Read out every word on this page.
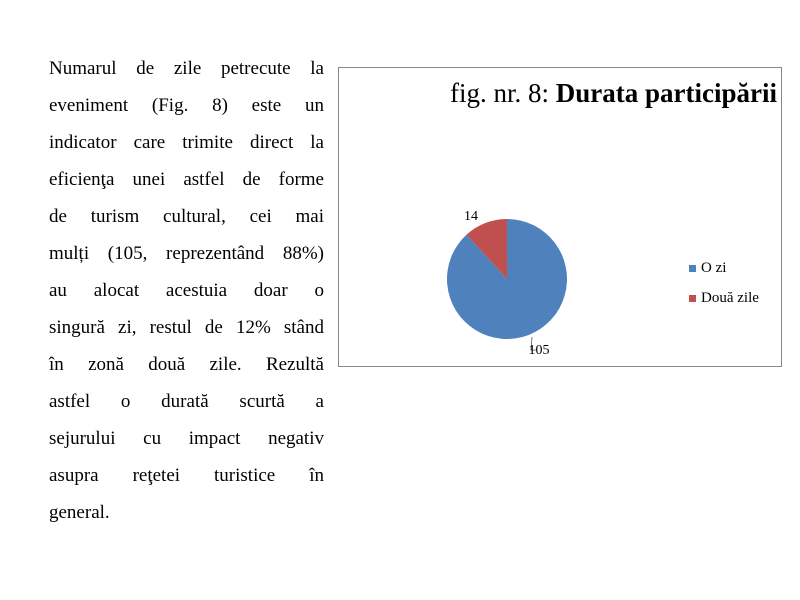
Numarul de zile petrecute la
eveniment (Fig. 8) este un
indicator care trimite direct la
eficienţa unei astfel de forme
de turism cultural, cei mai
mulți (105, reprezentând 88%)
au alocat acestuia doar o
singură zi, restul de 12% stând
în zonă două zile. Rezultă
astfel o durată scurtă a
sejurului cu impact negativ
asupra reţetei turistice în
general.
fig. nr. 8: Durata participării
105
14
O zi
Două zile
